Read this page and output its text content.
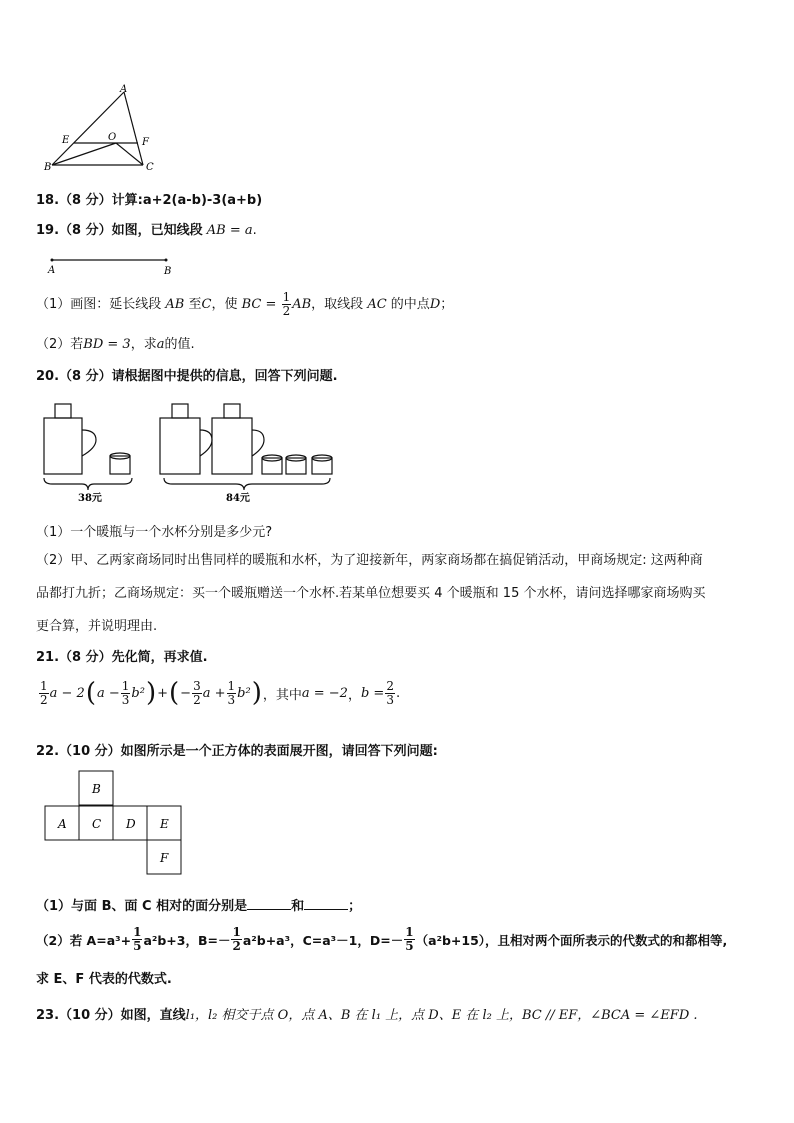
A
E	O	F
B	C
18.（8 分）计算:a+2(a-b)-3(a+b)
19.（8 分）如图，已知线段 AB = a.
A	B
（1）画图：延长线段 AB 至C，使 BC = $\frac{1}{2}$ AB，取线段 AC 的中点D；
（2）若BD = 3，求a的值.
20.（8 分）请根据图中提供的信息，回答下列问题.
38元	84元
（1）一个暖瓶与一个水杯分别是多少元?
（2）甲、乙两家商场同时出售同样的暖瓶和水杯，为了迎接新年，两家商场都在搞促销活动，甲商场规定: 这两种商
品都打九折；乙商场规定：买一个暖瓶赠送一个水杯.若某单位想要买 4 个暖瓶和 15 个水杯，请问选择哪家商场购买
更合算，并说明理由.
21.（8 分）先化简，再求值.
$\frac{1}{2}$ a − 2 ( $a - \frac{1}{3} b^2$ ) + ( − $\frac{3}{2}$ $a + \frac{1}{3} b^2$ ) ，其中 a = −2 ， $b = \frac{2}{3}$ .
22.（10 分）如图所示是一个正方体的表面展开图，请回答下列问题:
B
A C D E
F
（1）与面 B、面 C 相对的面分别是	和	；
（2）若 $A=a^3+ \frac{1}{5} a^2b+3$，$B=- \frac{1}{2} a^2b+a^3$，C=a³－1，$D=- \frac{1}{5} (a^2b+15)$，且相对两个面所表示的代数式的和都相等,
求 E、F 代表的代数式.
23.（10 分）如图，直线l₁，l₂ 相交于点 O，点 A、B 在 l₁ 上，点 D、E 在 l₂ 上，BC // EF，∠BCA = ∠EFD .
